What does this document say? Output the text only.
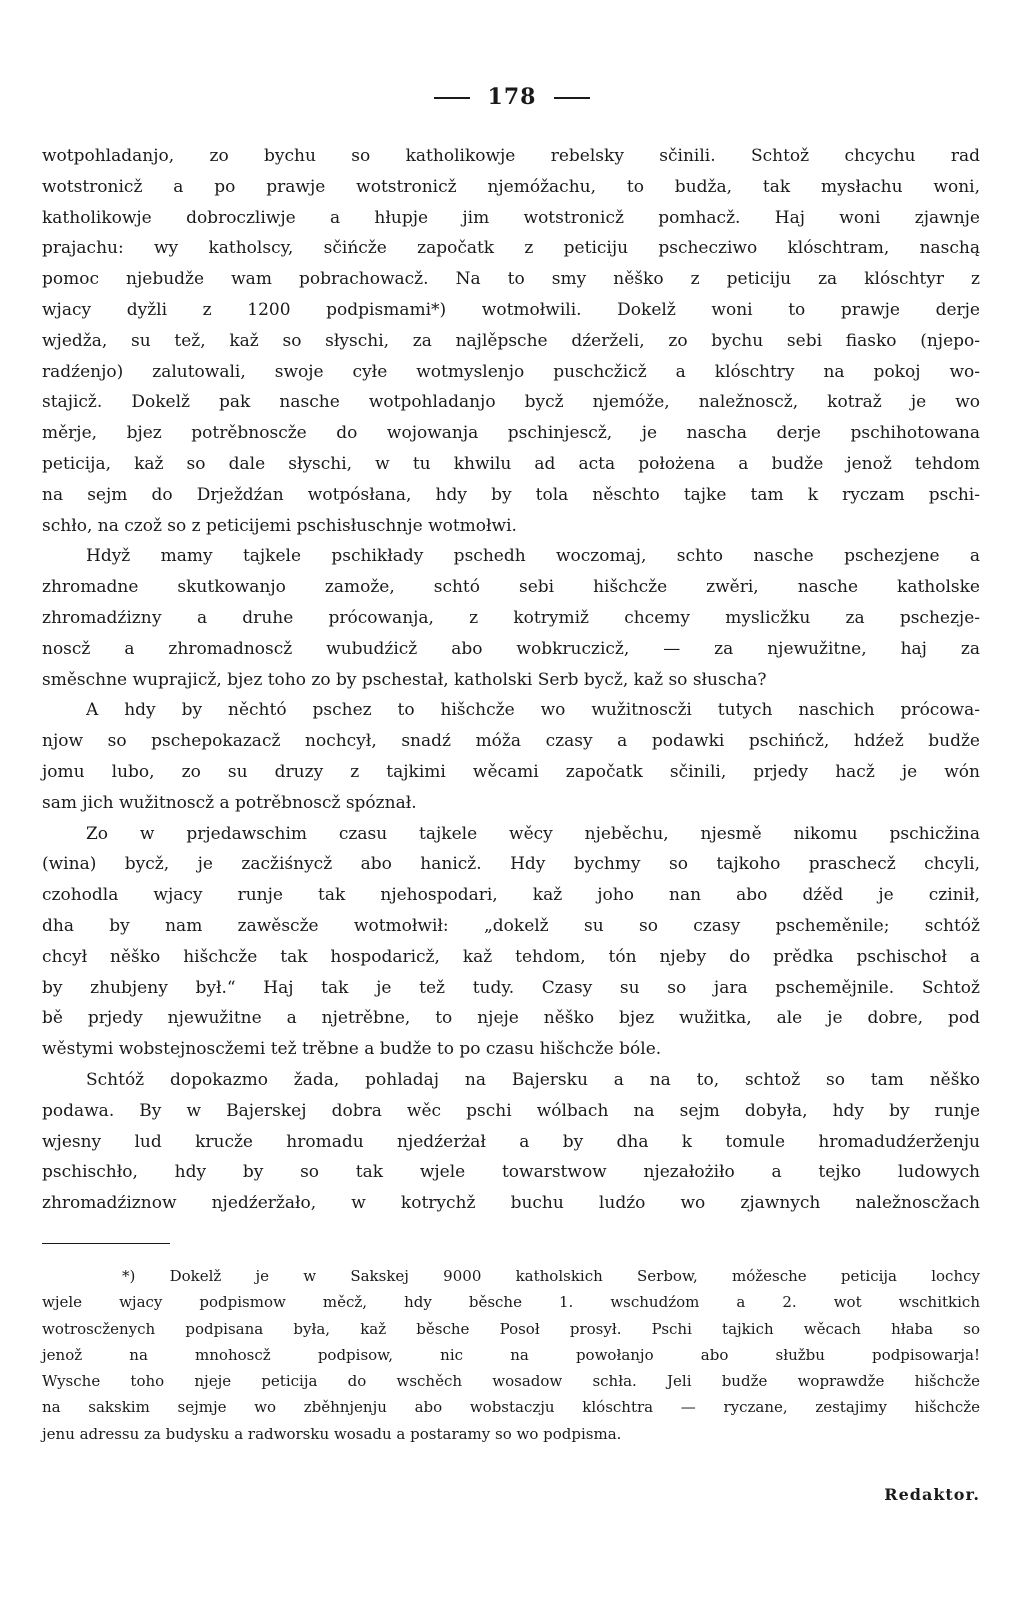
178
wotpohladanjo, zo bychu so katholikowje rebelsky sčinili. Schtož chcychu rad
wotstronicž a po prawje wotstronicž njemóžachu, to budža, tak mysłachu woni,
katholikowje dobroczliwje a hłupje jim wotstronicž pomhacž. Haj woni zjawnje
prajachu: wy katholscy, sčińcže započatk z peticiju pschecziwo klóschtram, naschą
pomoc njebudže wam pobrachowacž. Na to smy něško z peticiju za klóschtyr z
wjacy dyžli z 1200 podpismami*) wotmołwili. Dokelž woni to prawje derje
wjedža, su tež, kaž so słyschi, za najlěpsche dźerželi, zo bychu sebi fiasko (njepo-
radźenjo) zalutowali, swoje cyłe wotmyslenjo puschcžicž a klóschtry na pokoj wo-
stajicž. Dokelž pak nasche wotpohladanjo bycž njemóže, naležnoscž, kotraž je wo
měrje, bjez potrěbnoscže do wojowanja pschinjescž, je nascha derje pschihotowana
peticija, kaž so dale słyschi, w tu khwilu ad acta położena a budže jenož tehdom
na sejm do Drježdźan wotpósłana, hdy by tola něschto tajke tam k ryczam pschi-
schło, na czož so z peticijemi pschisłuschnje wotmołwi.
Hdyž mamy tajkele pschikłady pschedh woczomaj, schto nasche pschezjene a
zhromadne skutkowanjo zamože, schtó sebi hišchcže zwěri, nasche katholske
zhromadźiznу a druhe prócowanja, z kotrymiž chcemy myslicžku za pschezje-
noscž a zhromadnoscž wubudźicž abo wobkruczicž, — za njewužitne, haj za
směschne wupraјicž, bjez toho zo by pschestał, katholski Serb bycž, kaž so słuscha?
A hdy by něchtó pschez to hišchcže wo wužitnoscži tutych naschich prócowa-
njow so pschepokazacž nochcył, snadź móža czasy a podawki pschińcž, hdźež budže
jomu lubo, zo su druzy z tajkimi wěcami započatk sčinili, prjedy hacž je wón
sam jich wužitnoscž a potrěbnoscž spóznał.
Zo w prjedawschim czasu tajkele wěcy njeběchu, njesmě nikomu pschicžina
(wina) bycž, je zacžiśnycž abo hanicž. Hdy bychmy so tajkoho praschecž chcyli,
czohodla wjacy runje tak njehospodari, kaž joho nan abo dźěd je czinił,
dha by nam zawěscže wotmołwił: „dokelž su so czasy pscheměnile; schtóž
chcył něško hišchcže tak hospodaricž, kaž tehdom, tón njeby do prědka pschischoł a
by zhubjeny był.“ Haj tak je tež tudy. Czasy su so jara pschemějnile. Schtož
bě prjedy njewužitne a njetrěbne, to njeje něško bjez wužitka, ale je dobre, pod
wěstymi wobstejnoscžemi tež trěbne a budže to po czasu hišchcže bóle.
Schtóž dopokazmo žada, pohladaj na Bajersku a na to, schtož so tam něško
podawa. By w Bajerskej dobra wěc pschi wólbach na sejm dobyła, hdy by runje
wjesny lud krucže hromadu njedźerżał a by dha k tomule hromadudźerženju
pschischło, hdy by so tak wjele towarstwow njezałożiło a tejko ludowych
zhromadźiznow njedźeržało, w kotrychž buchu ludźo wo zjawnych naležnoscžach
*) Dokelž je w Sakskej 9000 katholskich Serbow, móžesche peticija lochcy
wjele wjacy podpismow měcž, hdy běsche 1. wschudźom a 2. wot wschitkich
wotroscženych podpisana była, kaž běsche Posoł prosył. Pschi tajkich wěcach hłaba so
jenož na mnohoscž podpisow, nic na powołanjo abo słužbu podpisowarja!
Wysche toho njeje peticija do wschěch wosadow schła. Jeli budže woprawdže hišchcže
na sakskim sejmje wo zběhnjenju abo wobstaczju klóschtra — ryczane, zestajimy hišchcže
jenu adressu za budysku a radworsku wosadu a postaramy so wo podpisma.
Redaktor.
